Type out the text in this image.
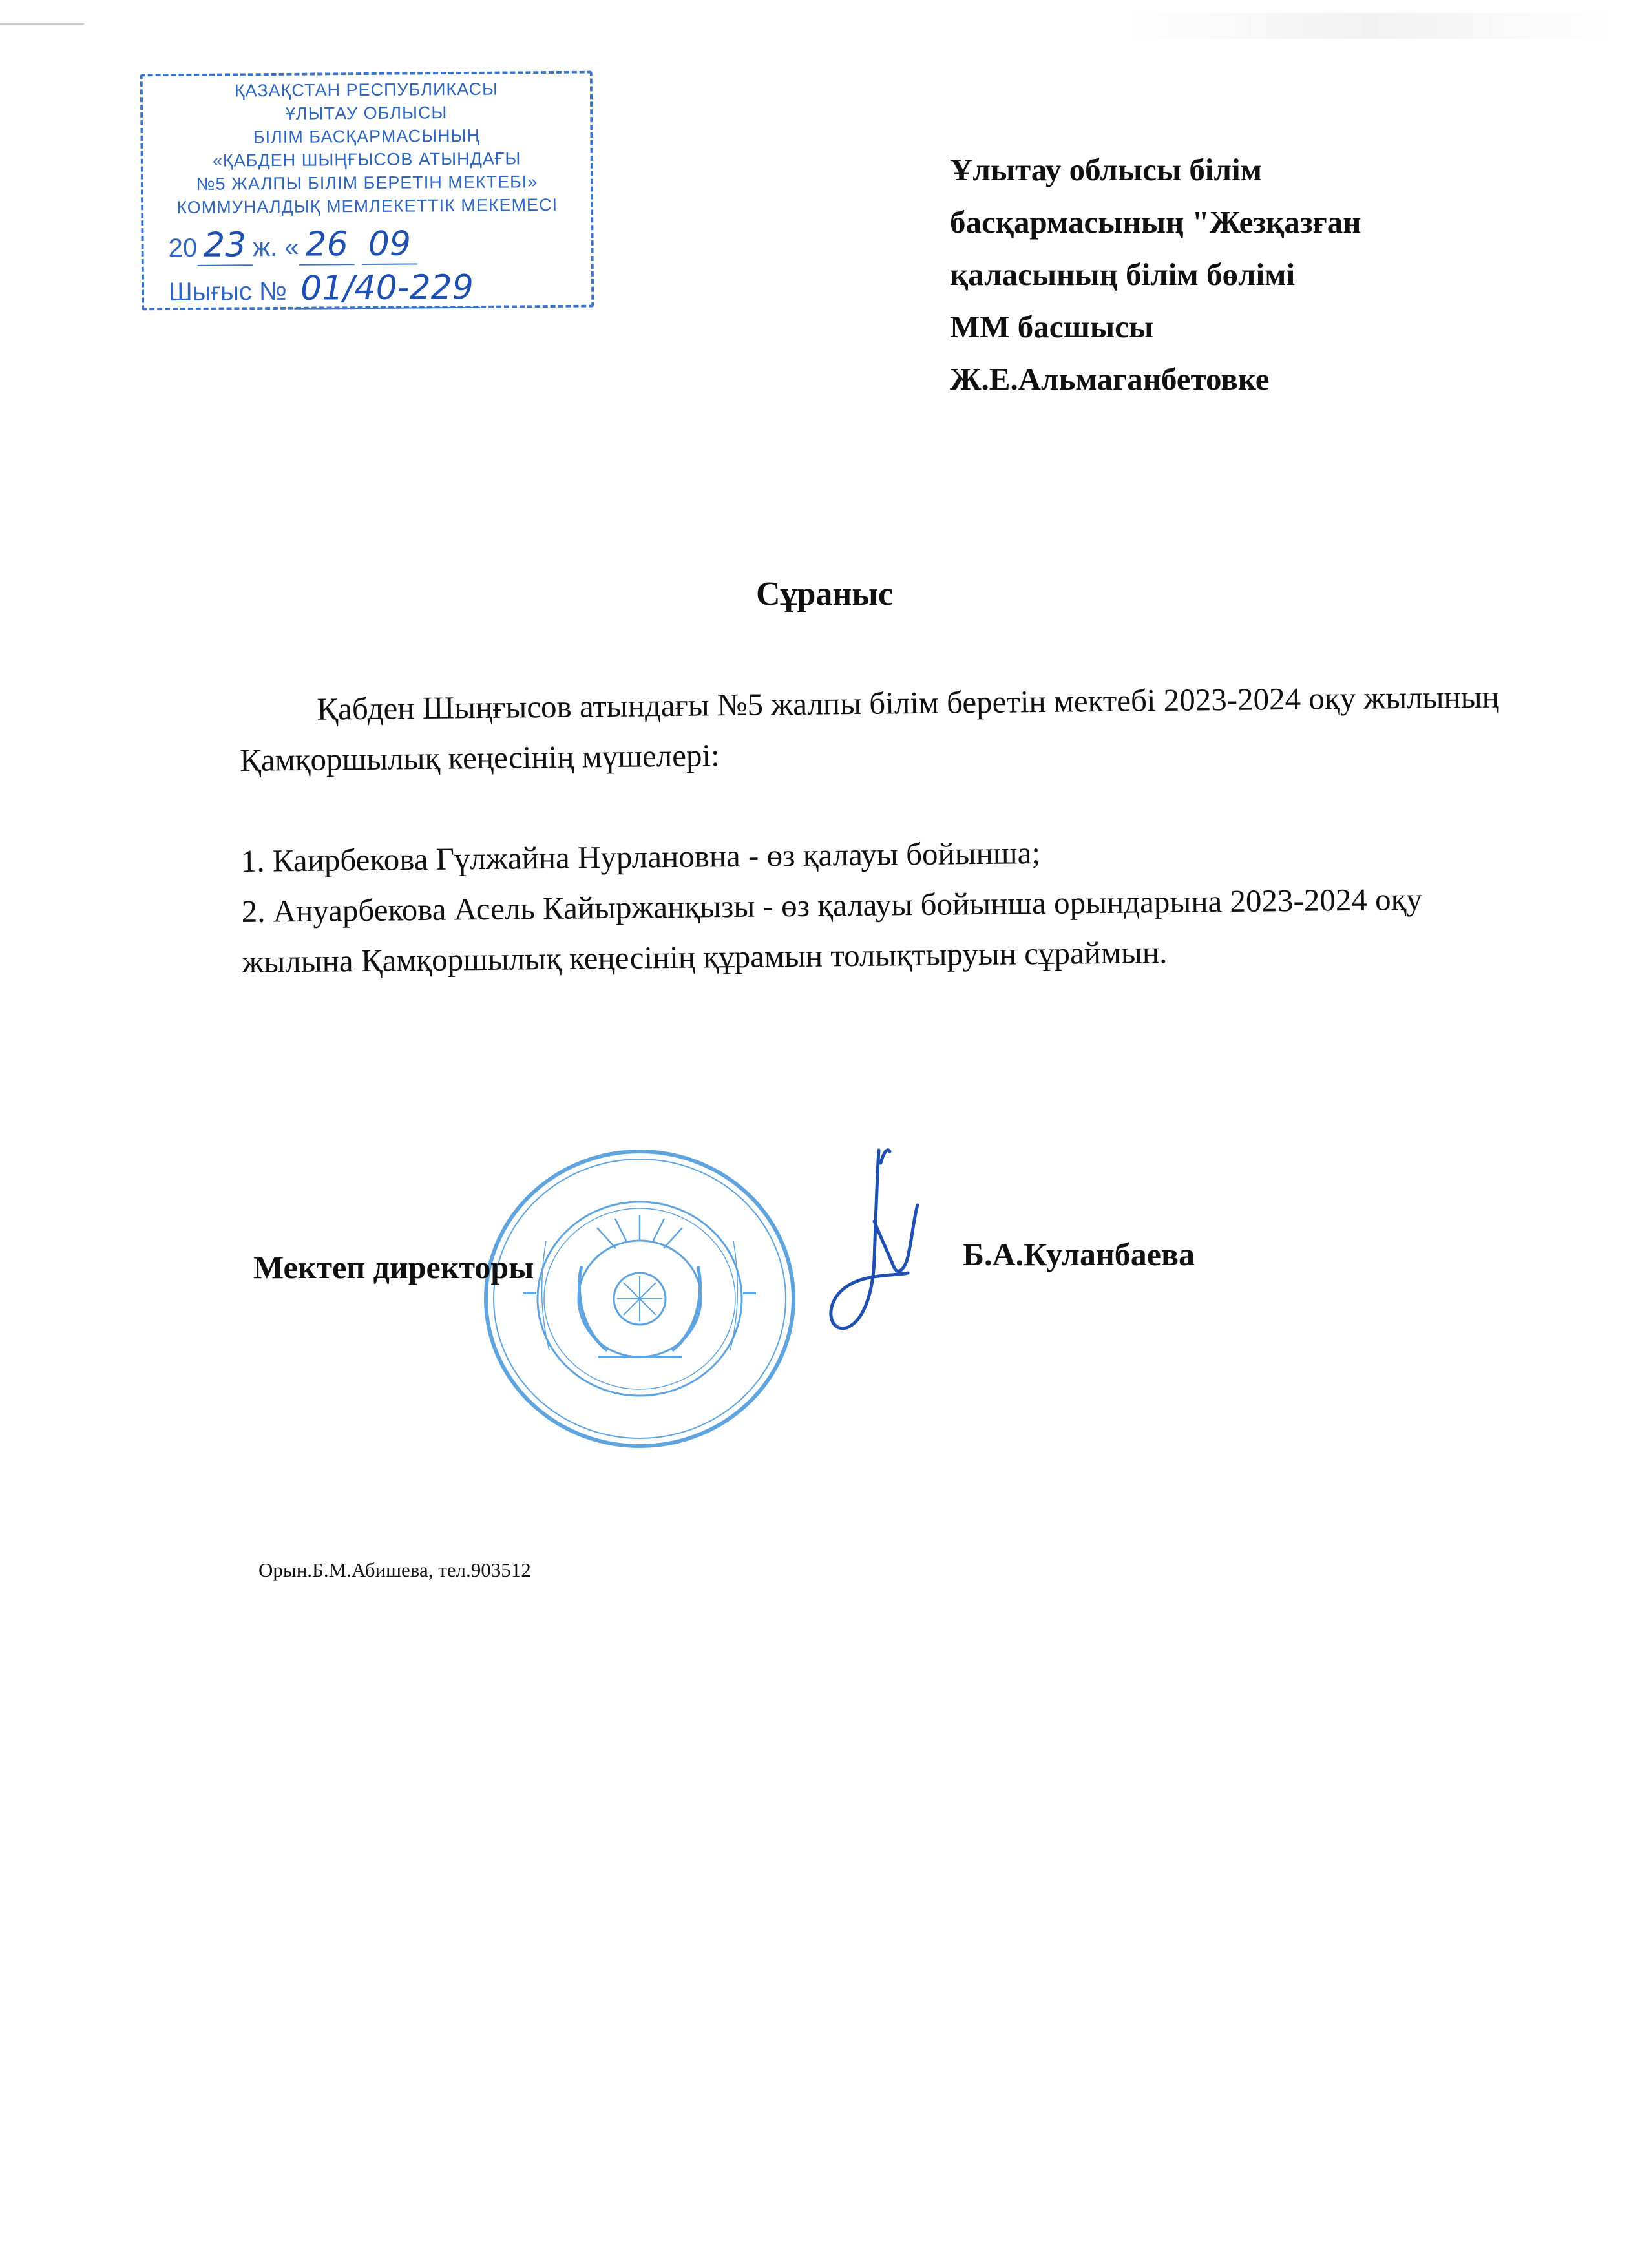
ҚАЗАҚСТАН РЕСПУБЛИКАСЫ
ҰЛЫТАУ ОБЛЫСЫ
БІЛІМ БАСҚАРМАСЫНЫҢ
«ҚАБДЕН ШЫҢҒЫСОВ АТЫНДАҒЫ
№5 ЖАЛПЫ БІЛІМ БЕРЕТІН МЕКТЕБІ»
КОММУНАЛДЫҚ МЕМЛЕКЕТТІК МЕКЕМЕСІ
20 23 ж. « 26 09
Шығыс № 01/40-229
Ұлытау облысы білім
басқармасының "Жезқазған
қаласының білім бөлімі
ММ басшысы
Ж.Е.Альмаганбетовке
Сұраныс

Қабден Шыңғысов атындағы №5 жалпы білім беретін мектебі 2023-2024 оқу жылының Қамқоршылық кеңесінің мүшелері:

1. Каирбекова Гүлжайна Нурлановна - өз қалауы бойынша;
2. Ануарбекова Асель Кайыржанқызы - өз қалауы бойынша орындарына 2023-2024 оқу жылына Қамқоршылық кеңесінің құрамын толықтыруын сұраймын.
Мектеп директоры	Б.А.Куланбаева
Орын.Б.М.Абишева, тел.903512
